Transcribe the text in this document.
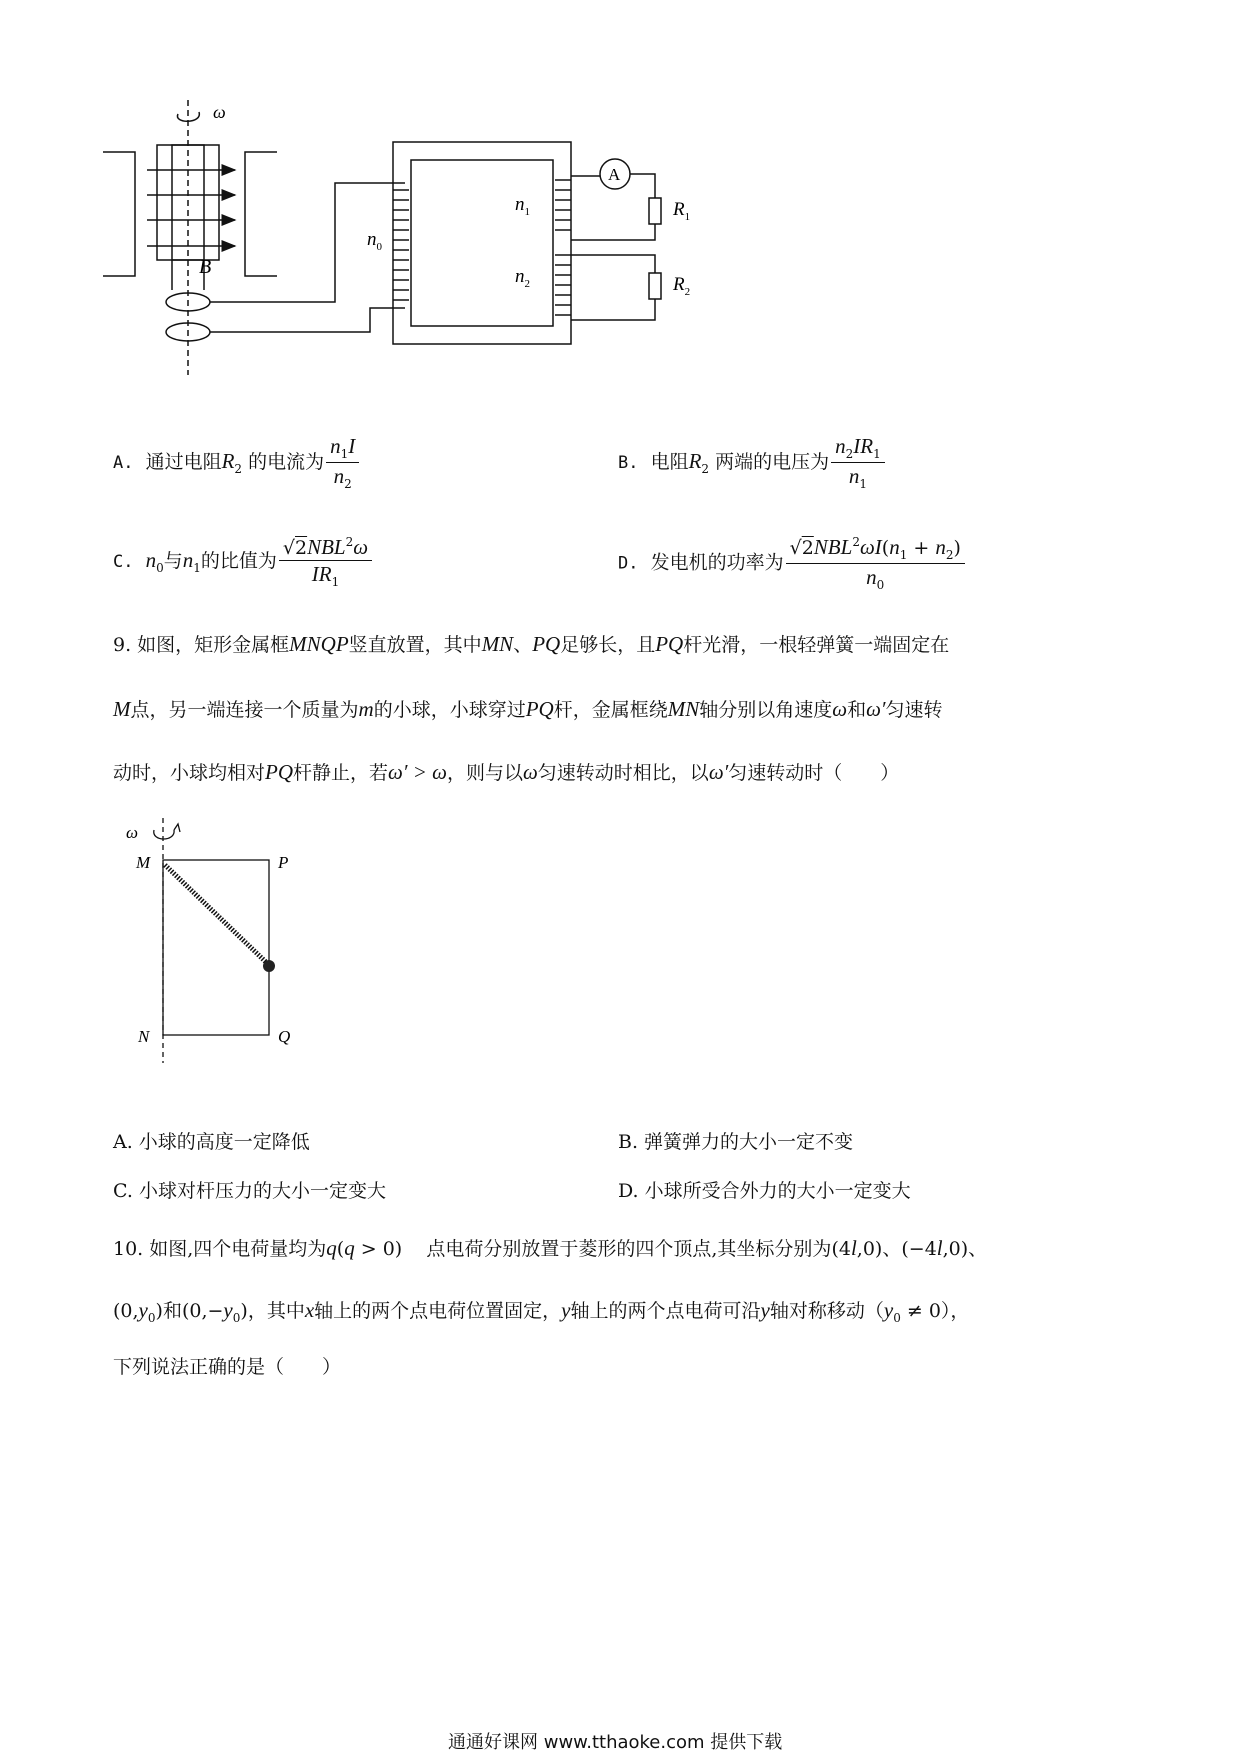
ω
B
A
$n_1$
$n_2$
$n_0$
$R_1$
$R_2$
A. 通过电阻$R_2$ 的电流为 $\frac{n_1I}{n_2}$	B. 电阻$R_2$ 两端的电压为 $\frac{n_2IR_1}{n_1}$
C. $n_0$与$n_1$的比值为 $\frac{√2NBL^2\omega}{IR_1}$	D. 发电机的功率为 $\frac{√2NBL^2\omega I(n_1 + n_2)}{n_0}$
9. 如图，矩形金属框MNQP竖直放置，其中MN、PQ足够长，且PQ杆光滑，一根轻弹簧一端固定在
M点，另一端连接一个质量为m的小球，小球穿过PQ杆，金属框绕MN轴分别以角速度ω和ω′匀速转
动时，小球均相对PQ杆静止，若ω′ > ω，则与以ω匀速转动时相比，以ω′匀速转动时（　　）
ω
M	P
N	Q
A. 小球的高度一定降低	B. 弹簧弹力的大小一定不变
C. 小球对杆压力的大小一定变大	D. 小球所受合外力的大小一定变大
10. 如图,四个电荷量均为q(q > 0)    点电荷分别放置于菱形的四个顶点,其坐标分别为(4l,0)、(−4l,0)、
$(0,y_0)$和$(0,-y_0)$，其中x轴上的两个点电荷位置固定，y轴上的两个点电荷可沿y轴对称移动$(y_0 \ne 0)$，
下列说法正确的是（　　）
通通好课网 www.tthaoke.com 提供下载
